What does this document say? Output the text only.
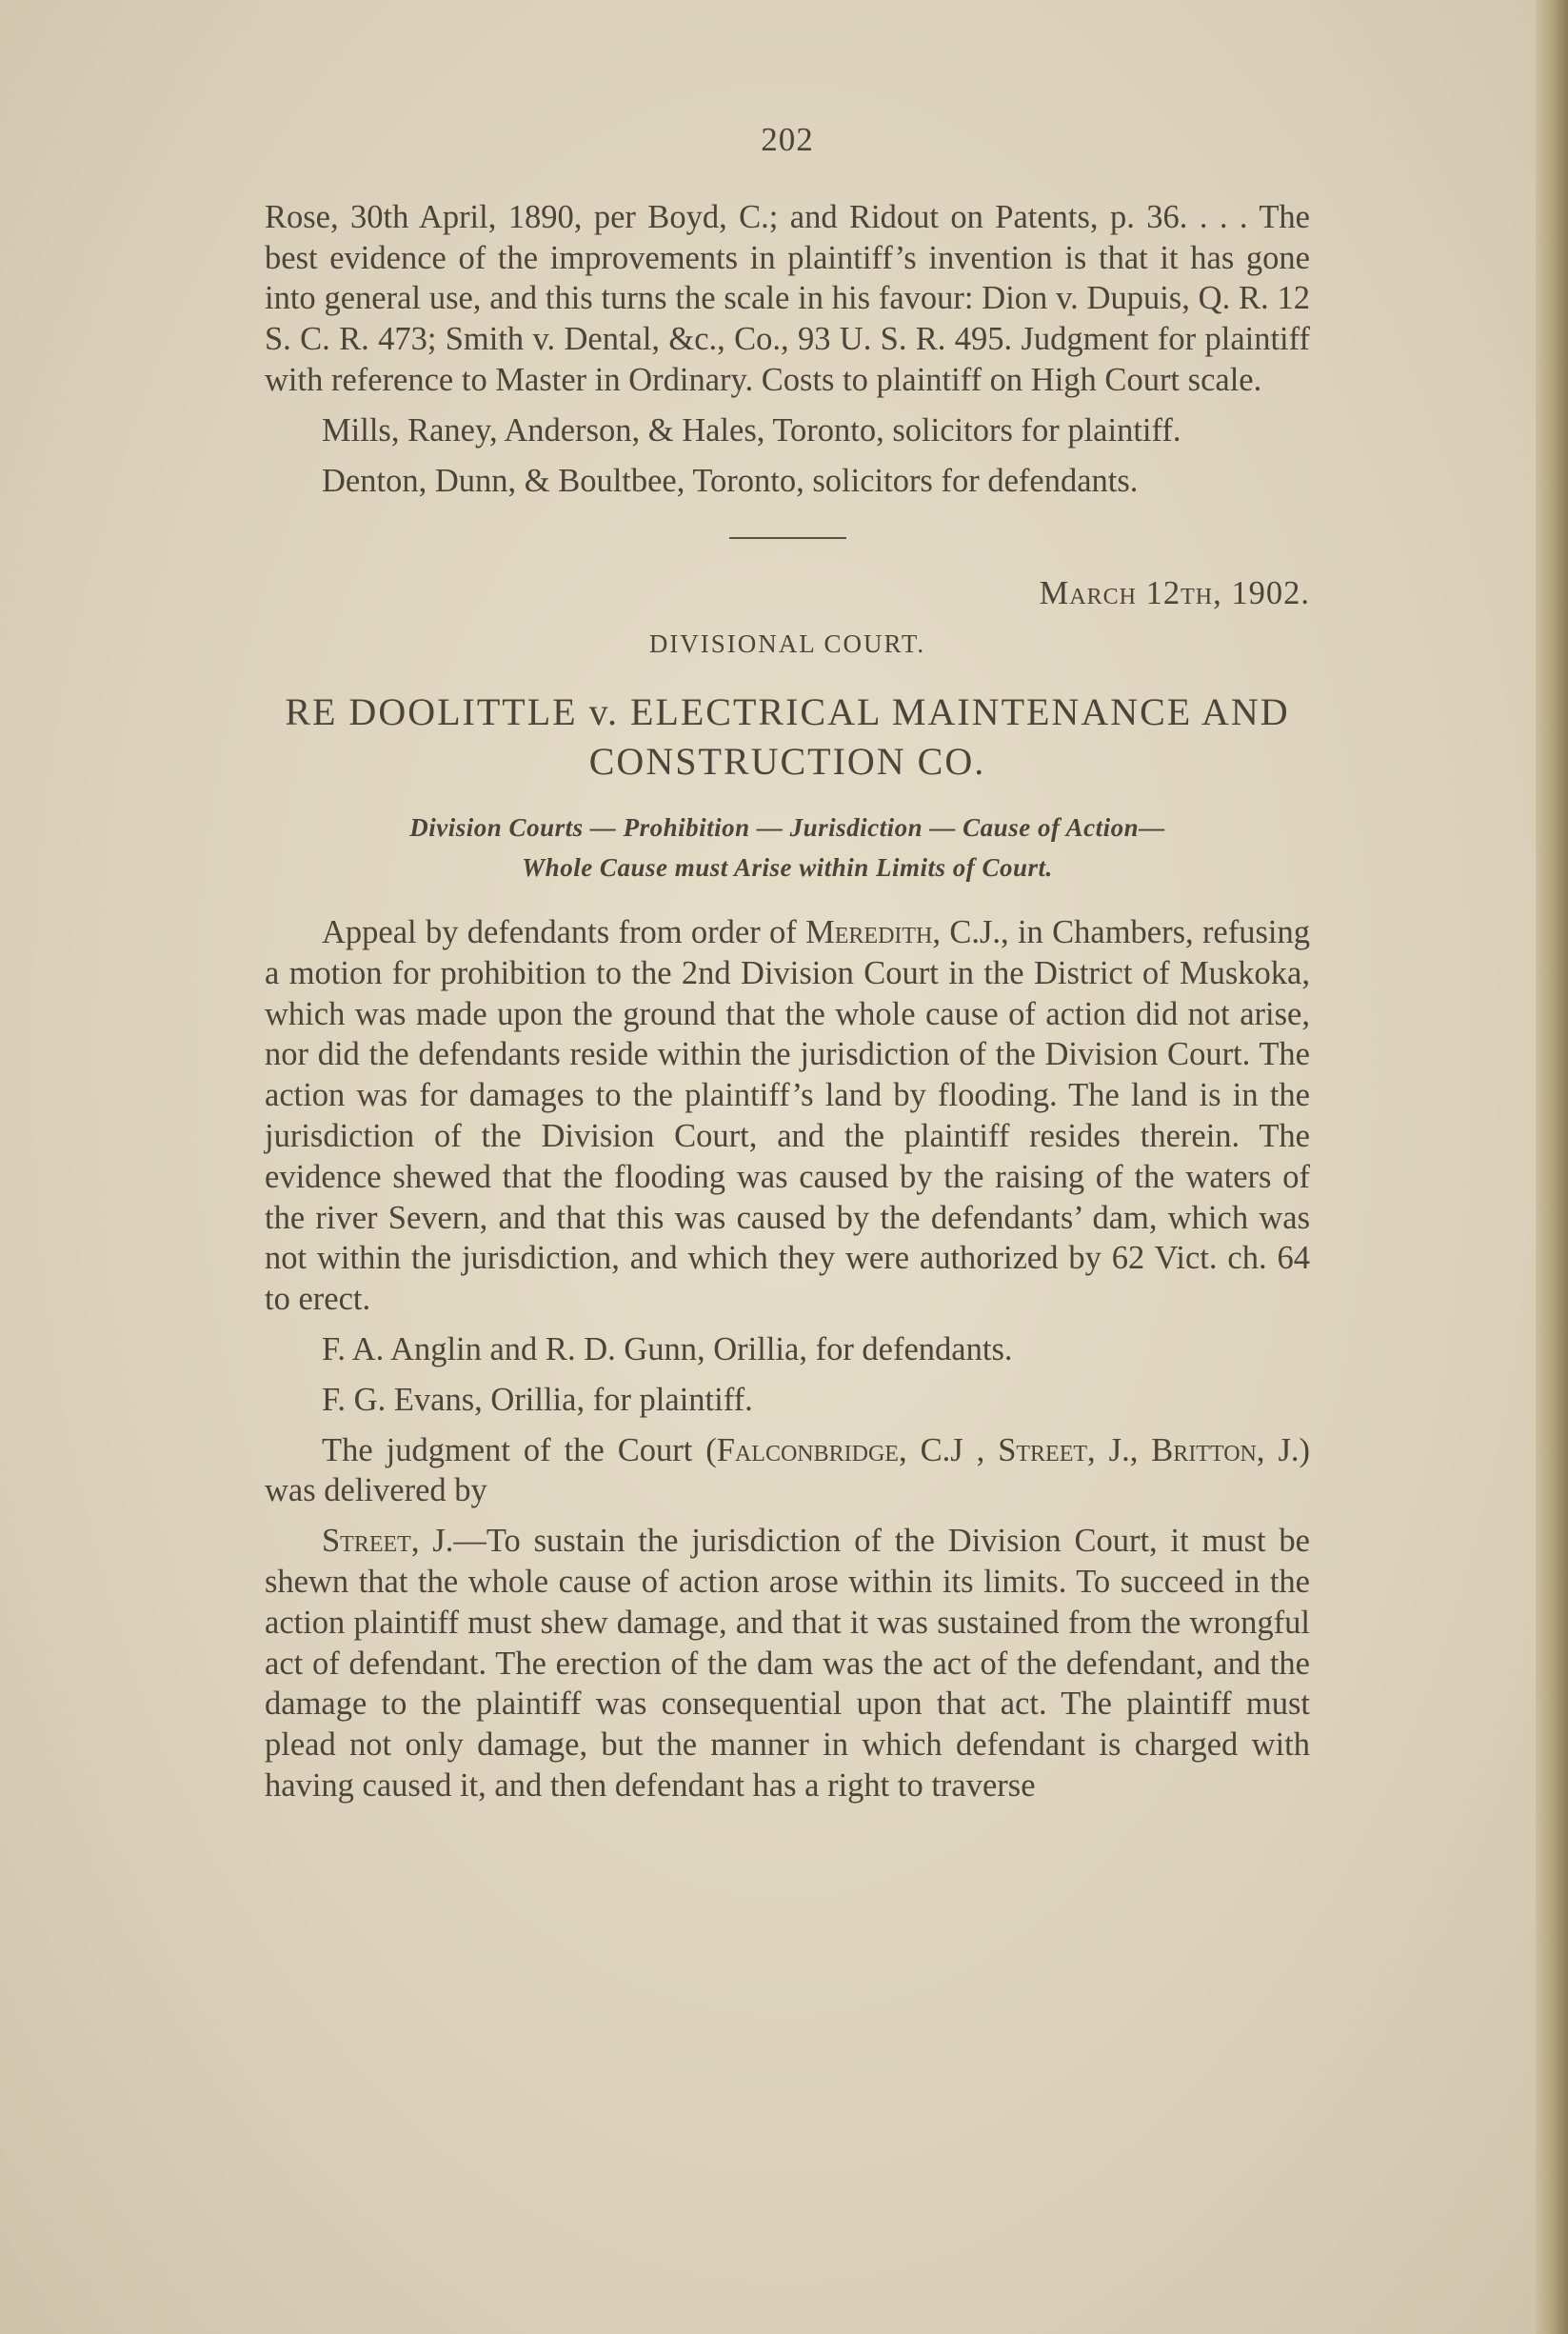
202

Rose, 30th April, 1890, per Boyd, C.; and Ridout on Patents, p. 36. . . . The best evidence of the improvements in plaintiff’s invention is that it has gone into general use, and this turns the scale in his favour: Dion v. Dupuis, Q. R. 12 S. C. R. 473; Smith v. Dental, &c., Co., 93 U. S. R. 495. Judgment for plaintiff with reference to Master in Ordinary. Costs to plaintiff on High Court scale.

Mills, Raney, Anderson, & Hales, Toronto, solicitors for plaintiff.

Denton, Dunn, & Boultbee, Toronto, solicitors for defendants.

March 12th, 1902.
DIVISIONAL COURT.
RE DOOLITTLE v. ELECTRICAL MAINTENANCE AND CONSTRUCTION CO.
Division Courts — Prohibition — Jurisdiction — Cause of Action—
Whole Cause must Arise within Limits of Court.

Appeal by defendants from order of Meredith, C.J., in Chambers, refusing a motion for prohibition to the 2nd Division Court in the District of Muskoka, which was made upon the ground that the whole cause of action did not arise, nor did the defendants reside within the jurisdiction of the Division Court. The action was for damages to the plaintiff’s land by flooding. The land is in the jurisdiction of the Division Court, and the plaintiff resides therein. The evidence shewed that the flooding was caused by the raising of the waters of the river Severn, and that this was caused by the defendants’ dam, which was not within the jurisdiction, and which they were authorized by 62 Vict. ch. 64 to erect.

F. A. Anglin and R. D. Gunn, Orillia, for defendants.

F. G. Evans, Orillia, for plaintiff.

The judgment of the Court (Falconbridge, C.J , Street, J., Britton, J.) was delivered by

Street, J.—To sustain the jurisdiction of the Division Court, it must be shewn that the whole cause of action arose within its limits. To succeed in the action plaintiff must shew damage, and that it was sustained from the wrongful act of defendant. The erection of the dam was the act of the defendant, and the damage to the plaintiff was consequential upon that act. The plaintiff must plead not only damage, but the manner in which defendant is charged with having caused it, and then defendant has a right to traverse
